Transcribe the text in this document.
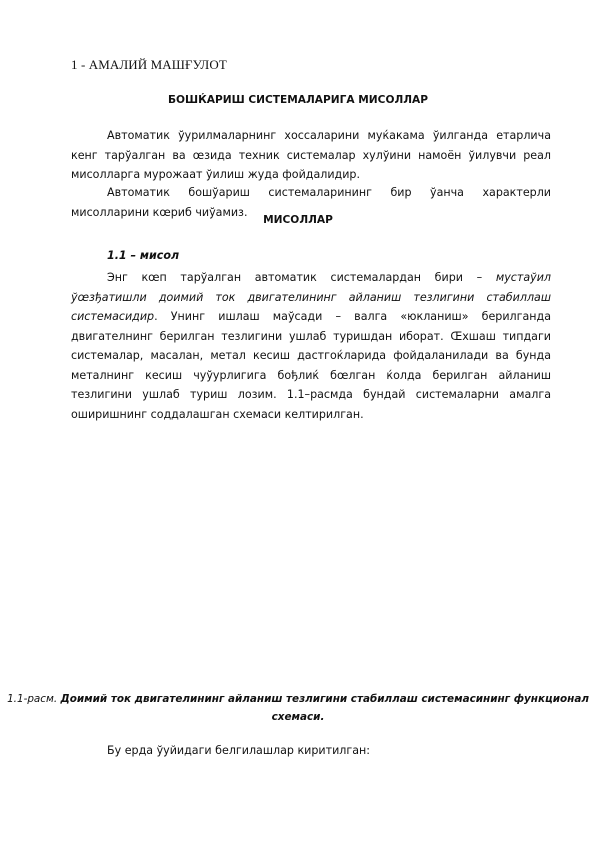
1 - АМАЛИЙ МАШҒУЛОТ
БОШЌАРИШ СИСТЕМАЛАРИГА МИСОЛЛАР

Автоматик ўурилмаларнинг хоссаларини муќакама ўилганда етарлича кенг тарўалган ва œзида техник системалар хулўини намоён ўилувчи реал мисолларга мурожаат ўилиш жуда фойдалидир.

Автоматик бошўариш системаларининг бир ўанча характерли мисолларини кœриб чиўамиз.

МИСОЛЛАР
1.1 – мисол

Энг кœп тарўалган автоматик системалардан бири – мустаўил ўœзђатишли доимий ток двигателининг айланиш тезлигини стабиллаш системасидир. Унинг ишлаш маўсади – валга «юкланиш» берилганда двигателнинг берилган тезлигини ушлаб туришдан иборат. Œхшаш типдаги системалар, масалан, метал кесиш дастгоќларида фойдаланилади ва бунда металнинг кесиш чуўурлигига бођлиќ бœлган ќолда берилган айланиш тезлигини ушлаб туриш лозим. 1.1–расмда бундай системаларни амалга оширишнинг соддалашган схемаси келтирилган.

1.1-расм. Доимий ток двигателининг айланиш тезлигини стабиллаш системасининг функционал схемаси.

Бу ерда ўуйидаги белгилашлар киритилган:
